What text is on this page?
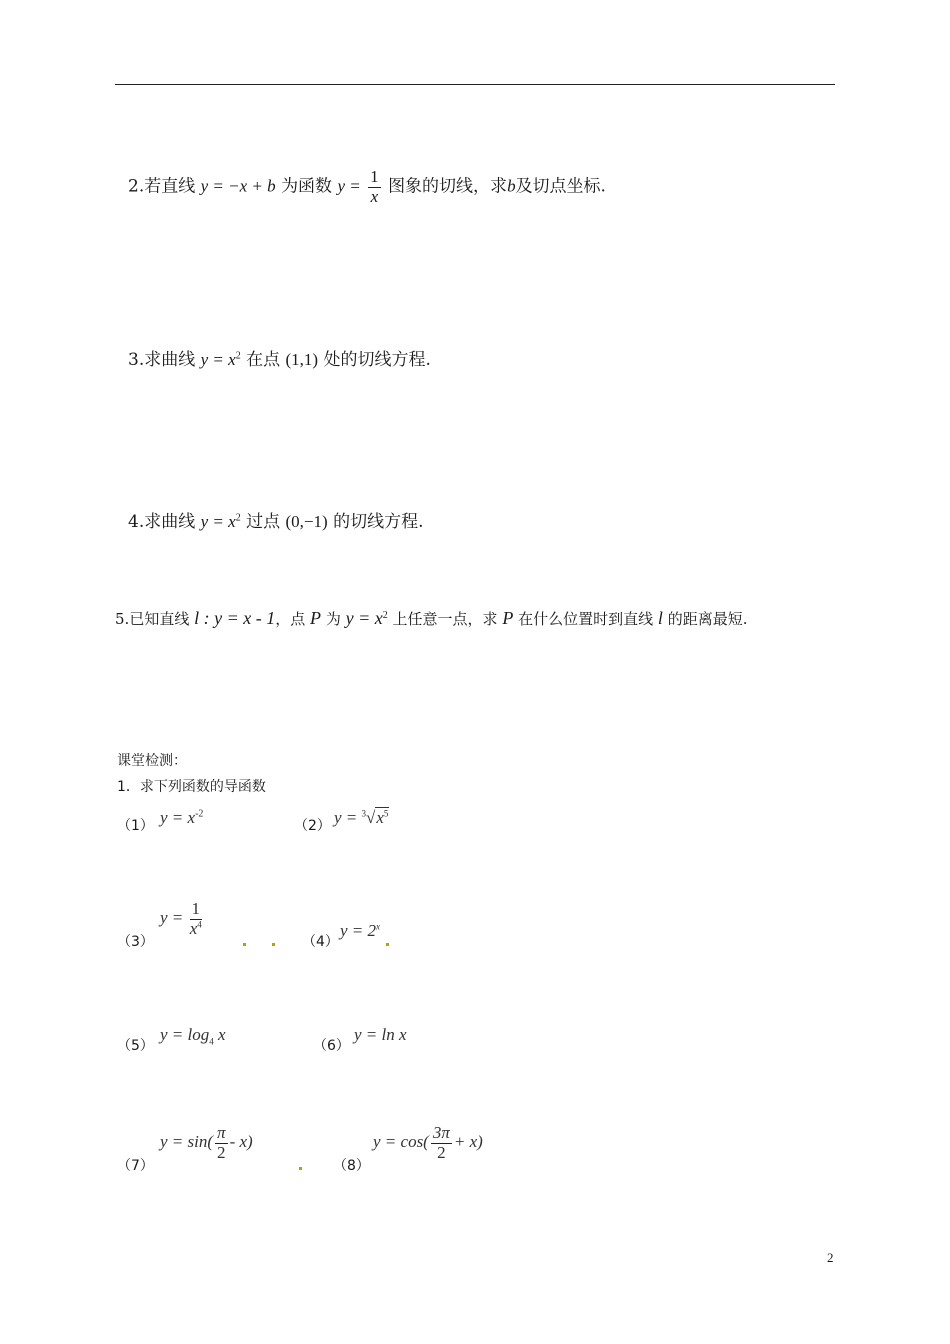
2.若直线 y = −x + b 为函数 $y = \frac{1}{x}$ 图象的切线，求b及切点坐标.
3.求曲线 $y = x^2$ 在点 (1,1) 处的切线方程.
4.求曲线 $y = x^2$ 过点 (0,−1) 的切线方程.
5.已知直线 l : y = x - 1，点 P 为 $y = x^2$ 上任意一点，求 P 在什么位置时到直线 l 的距离最短.
课堂检测：
1．求下列函数的导函数
（1） $y = x^{-2}$
（2） $y = ^3√x^5$
（3）
$y = \frac{1}{x^4}$
（4）
$y = 2^x$
（5）
$y = \log_4 x$
（6）
y = ln x
（7）
$y = \sin( \frac{\pi}{2} - x)$
（8）
$y = \cos( \frac{3\pi}{2} + x)$
2
